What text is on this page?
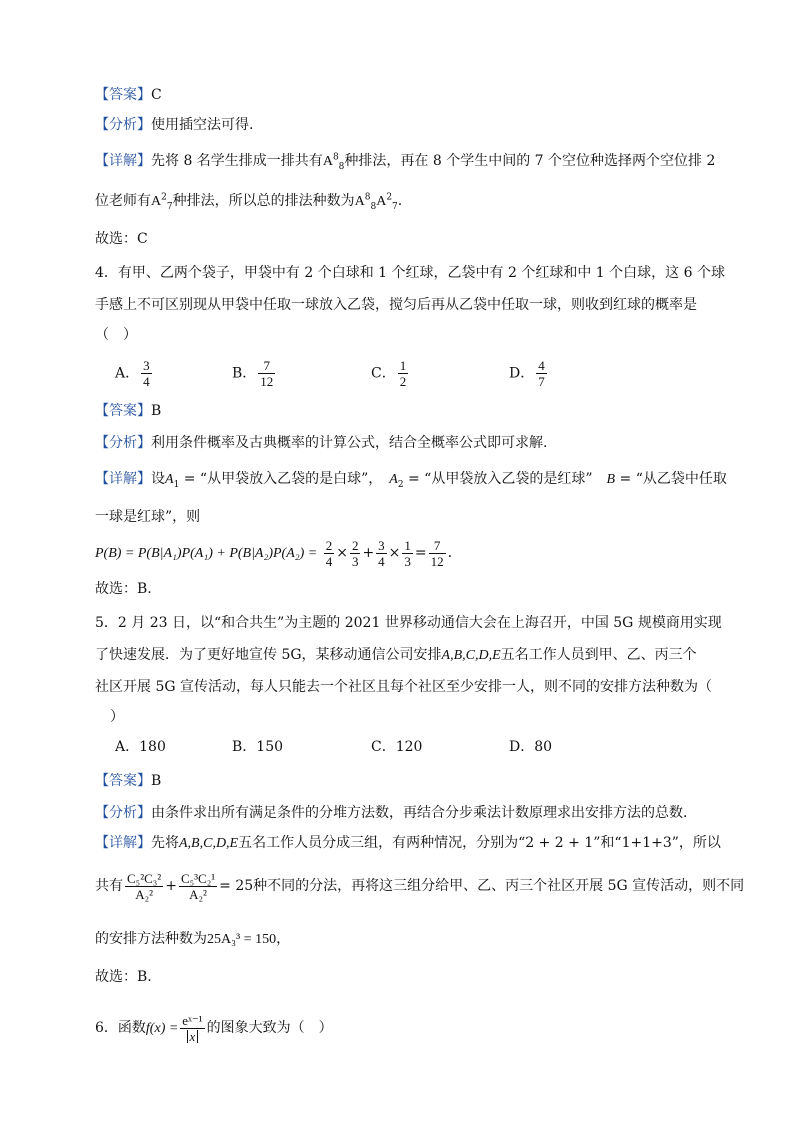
【答案】C
【分析】使用插空法可得.
【详解】先将 8 名学生排成一排共有$A^8_8$种排法，再在 8 个学生中间的 7 个空位种选择两个空位排 2
位老师有$A^2_7$种排法，所以总的排法种数为$A^8_8A^2_7$.
故选：C
4．有甲、乙两个袋子，甲袋中有 2 个白球和 1 个红球，乙袋中有 2 个红球和中 1 个白球，这 6 个球
手感上不可区别现从甲袋中任取一球放入乙袋，搅匀后再从乙袋中任取一球，则收到红球的概率是
（　）
A． $\frac{3}{4}$	B． $\frac{7}{12}$	C． $\frac{1}{2}$	D． $\frac{4}{7}$
【答案】B
【分析】利用条件概率及古典概率的计算公式，结合全概率公式即可求解.
【详解】设$A_1$ = “从甲袋放入乙袋的是白球”，　$A_2$ = “从甲袋放入乙袋的是红球”　B = “从乙袋中任取
一球是红球”，则
$P(B) = P(B|A_1)P(A_1) + P(B|A_2)P(A_2) = \frac{2}{4} \times \frac{2}{3} + \frac{3}{4} \times \frac{1}{3} = \frac{7}{12}$ .
故选：B.
5．2 月 23 日，以“和合共生”为主题的 2021 世界移动通信大会在上海召开，中国 5G 规模商用实现
了快速发展．为了更好地宣传 5G，某移动通信公司安排A,B,C,D,E五名工作人员到甲、乙、丙三个
社区开展 5G 宣传活动，每人只能去一个社区且每个社区至少安排一人，则不同的安排方法种数为（
）
A．180	B．150	C．120	D．80
【答案】B
【分析】由条件求出所有满足条件的分堆方法数，再结合分步乘法计数原理求出安排方法的总数.
【详解】先将A,B,C,D,E五名工作人员分成三组，有两种情况，分别为“2 + 2 + 1”和“1+1+3”，所以
共有 $\frac{\text{C₅²C₃²}}{\text{A₂²}} + \frac{\text{C₅³C₂¹}}{\text{A₂²}} = 25$种不同的分法，再将这三组分给甲、乙、丙三个社区开展 5G 宣传活动，则不同
的安排方法种数为25A₃³ = 150，
故选：B.
6．函数$f(x) = \frac{\text{eˣ⁻¹}}{x}$ 的图象大致为（　）
